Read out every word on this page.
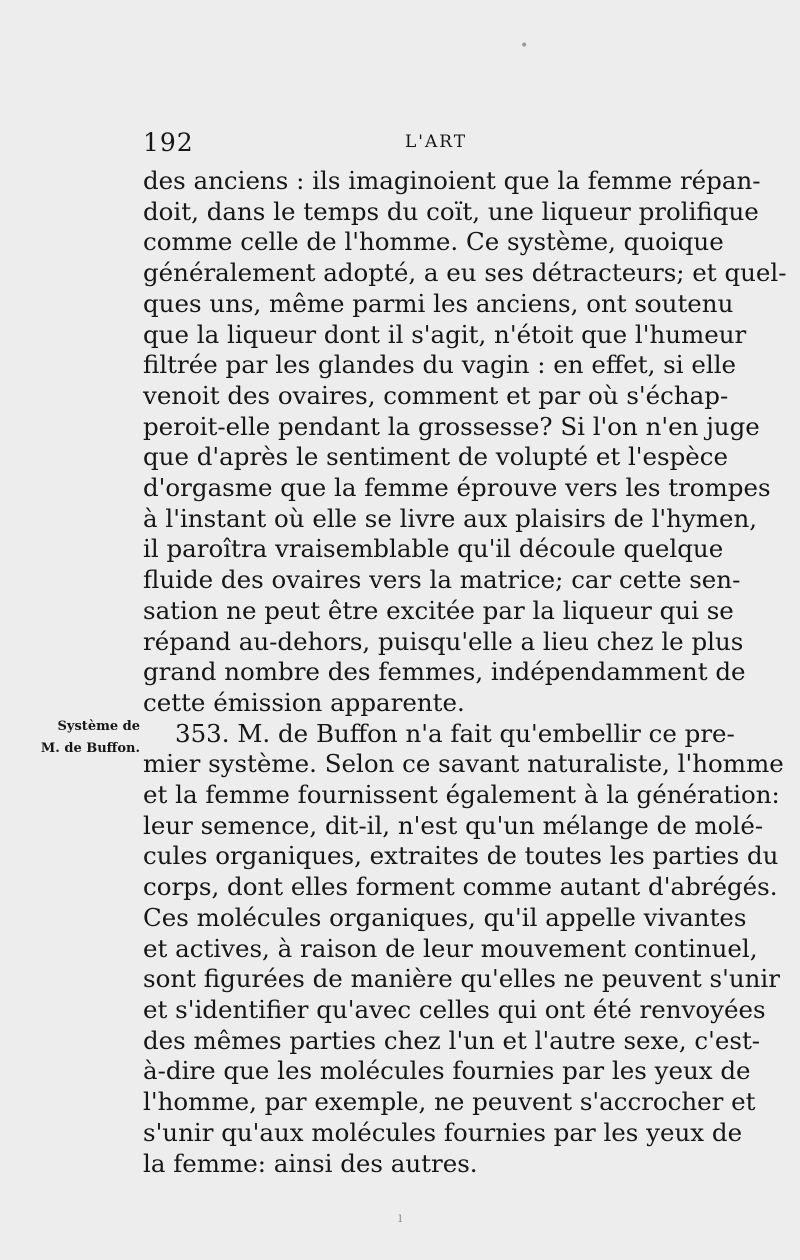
192	L'ART
Système de
M. de Buffon.
des anciens : ils imaginoient que la femme répan-
doit, dans le temps du coït, une liqueur prolifique
comme celle de l'homme. Ce système, quoique
généralement adopté, a eu ses détracteurs; et quel-
ques uns, même parmi les anciens, ont soutenu
que la liqueur dont il s'agit, n'étoit que l'humeur
filtrée par les glandes du vagin : en effet, si elle
venoit des ovaires, comment et par où s'échap-
peroit-elle pendant la grossesse? Si l'on n'en juge
que d'après le sentiment de volupté et l'espèce
d'orgasme que la femme éprouve vers les trompes
à l'instant où elle se livre aux plaisirs de l'hymen,
il paroîtra vraisemblable qu'il découle quelque
fluide des ovaires vers la matrice; car cette sen-
sation ne peut être excitée par la liqueur qui se
répand au-dehors, puisqu'elle a lieu chez le plus
grand nombre des femmes, indépendamment de
cette émission apparente.
353. M. de Buffon n'a fait qu'embellir ce pre-
mier système. Selon ce savant naturaliste, l'homme
et la femme fournissent également à la génération:
leur semence, dit-il, n'est qu'un mélange de molé-
cules organiques, extraites de toutes les parties du
corps, dont elles forment comme autant d'abrégés.
Ces molécules organiques, qu'il appelle vivantes
et actives, à raison de leur mouvement continuel,
sont figurées de manière qu'elles ne peuvent s'unir
et s'identifier qu'avec celles qui ont été renvoyées
des mêmes parties chez l'un et l'autre sexe, c'est-
à-dire que les molécules fournies par les yeux de
l'homme, par exemple, ne peuvent s'accrocher et
s'unir qu'aux molécules fournies par les yeux de
la femme: ainsi des autres.
•
ı
